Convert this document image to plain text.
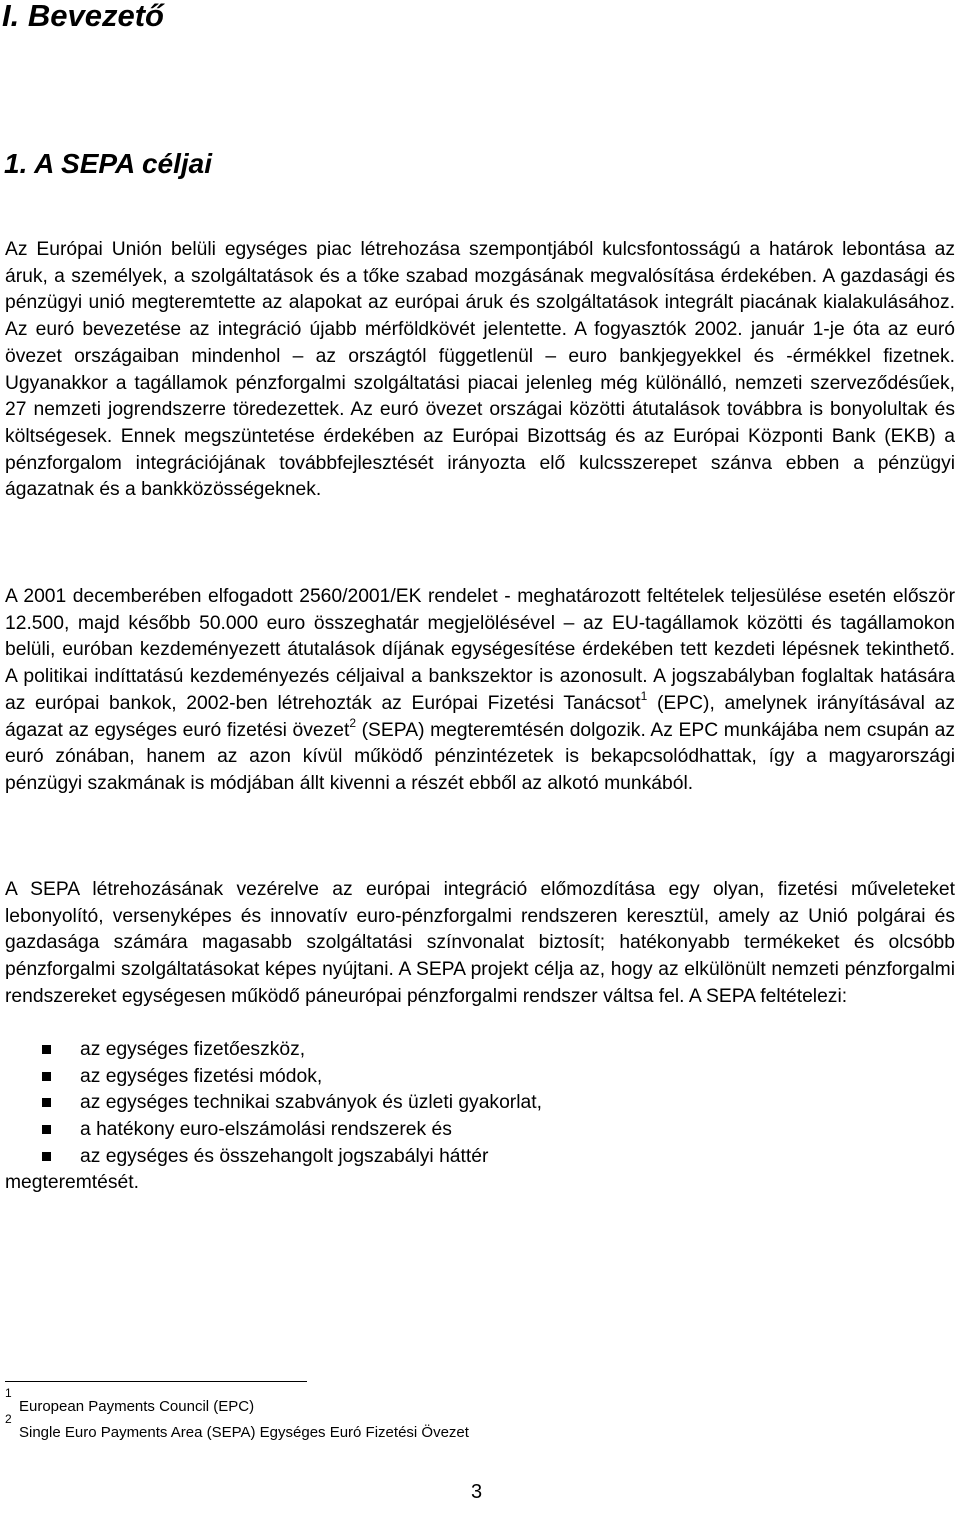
I. Bevezető
1. A SEPA céljai

Az Európai Unión belüli egységes piac létrehozása szempontjából kulcsfontosságú a határok lebontása az áruk, a személyek, a szolgáltatások és a tőke szabad mozgásának megvalósítása érdekében. A gazdasági és pénzügyi unió megteremtette az alapokat az európai áruk és szolgáltatások integrált piacának kialakulásához. Az euró bevezetése az integráció újabb mérföldkövét jelentette. A fogyasztók 2002. január 1-je óta az euró övezet országaiban mindenhol – az országtól függetlenül – euro bankjegyekkel és -érmékkel fizetnek. Ugyanakkor a tagállamok pénzforgalmi szolgáltatási piacai jelenleg még különálló, nemzeti szerveződésűek, 27 nemzeti jogrendszerre töredezettek. Az euró övezet országai közötti átutalások továbbra is bonyolultak és költségesek. Ennek megszüntetése érdekében az Európai Bizottság és az Európai Központi Bank (EKB) a pénzforgalom integrációjának továbbfejlesztését irányozta elő kulcsszerepet szánva ebben a pénzügyi ágazatnak és a bankközösségeknek.

A 2001 decemberében elfogadott 2560/2001/EK rendelet - meghatározott feltételek teljesülése esetén először 12.500, majd később 50.000 euro összeghatár megjelölésével – az EU-tagállamok közötti és tagállamokon belüli, euróban kezdeményezett átutalások díjának egységesítése érdekében tett kezdeti lépésnek tekinthető. A politikai indíttatású kezdeményezés céljaival a bankszektor is azonosult. A jogszabályban foglaltak hatására az európai bankok, 2002-ben létrehozták az Európai Fizetési Tanácsot$^1$ (EPC), amelynek irányításával az ágazat az egységes euró fizetési övezet$^2$ (SEPA) megteremtésén dolgozik. Az EPC munkájába nem csupán az euró zónában, hanem az azon kívül működő pénzintézetek is bekapcsolódhattak, így a magyarországi pénzügyi szakmának is módjában állt kivenni a részét ebből az alkotó munkából.

A SEPA létrehozásának vezérelve az európai integráció előmozdítása egy olyan, fizetési műveleteket lebonyolító, versenyképes és innovatív euro-pénzforgalmi rendszeren keresztül, amely az Unió polgárai és gazdasága számára magasabb szolgáltatási színvonalat biztosít; hatékonyabb termékeket és olcsóbb pénzforgalmi szolgáltatásokat képes nyújtani. A SEPA projekt célja az, hogy az elkülönült nemzeti pénzforgalmi rendszereket egységesen működő páneurópai pénzforgalmi rendszer váltsa fel. A SEPA feltételezi:

az egységes fizetőeszköz,
az egységes fizetési módok,
az egységes technikai szabványok és üzleti gyakorlat,
a hatékony euro-elszámolási rendszerek és
az egységes és összehangolt jogszabályi háttér

megteremtését.

1
European Payments Council (EPC)
2
Single Euro Payments Area (SEPA) Egységes Euró Fizetési Övezet
3
